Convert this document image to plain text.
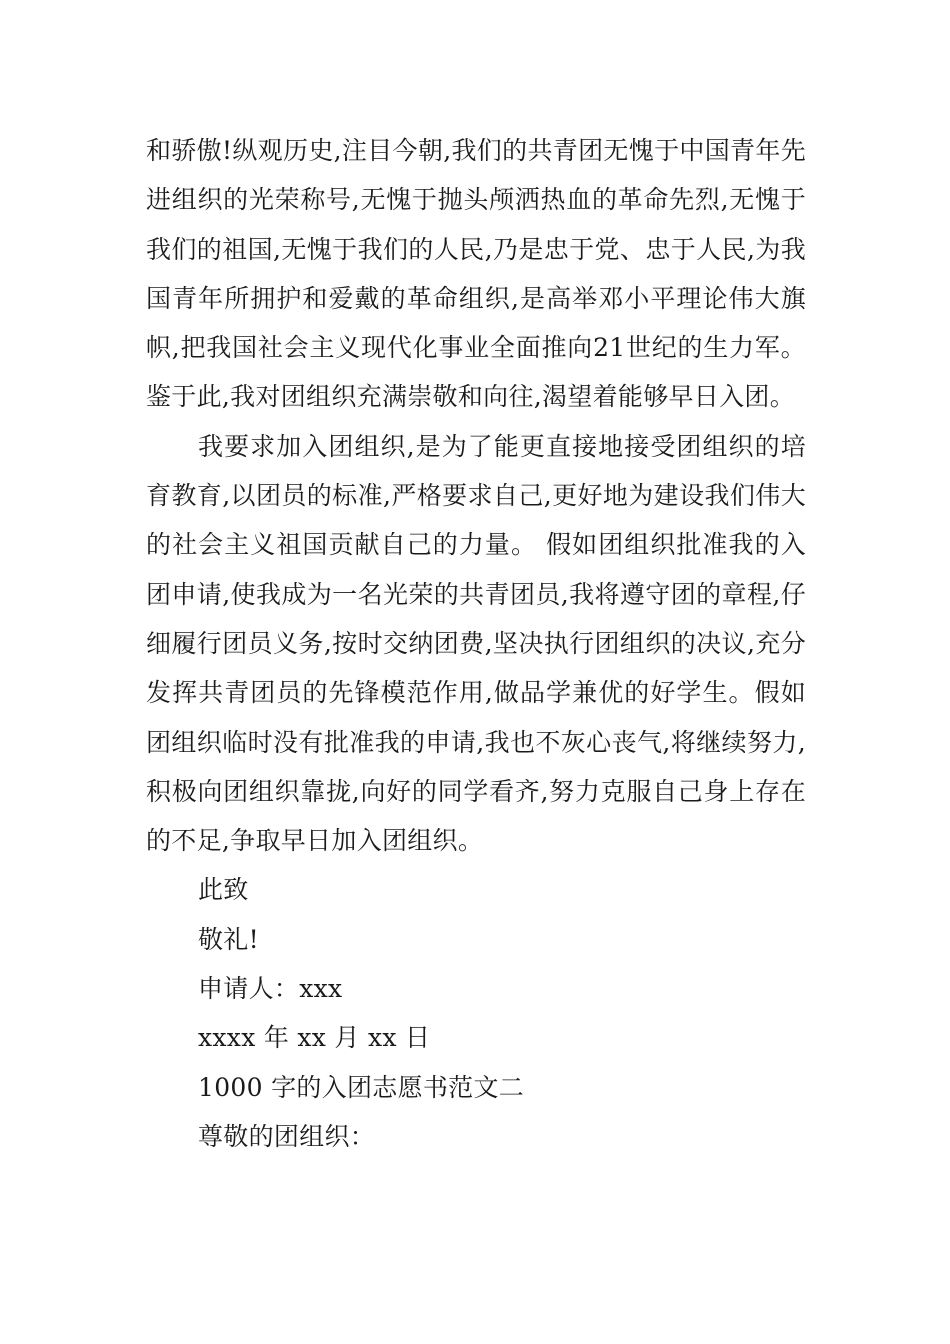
和骄傲!纵观历史,注目今朝,我们的共青团无愧于中国青年先进组织的光荣称号,无愧于抛头颅洒热血的革命先烈,无愧于我们的祖国,无愧于我们的人民,乃是忠于党、忠于人民,为我国青年所拥护和爱戴的革命组织,是高举邓小平理论伟大旗帜,把我国社会主义现代化事业全面推向21世纪的生力军。鉴于此,我对团组织充满崇敬和向往,渴望着能够早日入团。

我要求加入团组织,是为了能更直接地接受团组织的培育教育,以团员的标准,严格要求自己,更好地为建设我们伟大的社会主义祖国贡献自己的力量。 假如团组织批准我的入团申请,使我成为一名光荣的共青团员,我将遵守团的章程,仔细履行团员义务,按时交纳团费,坚决执行团组织的决议,充分发挥共青团员的先锋模范作用,做品学兼优的好学生。假如团组织临时没有批准我的申请,我也不灰心丧气,将继续努力,积极向团组织靠拢,向好的同学看齐,努力克服自己身上存在的不足,争取早日加入团组织。

此致

敬礼!

申请人：xxx

xxxx 年 xx 月 xx 日

1000 字的入团志愿书范文二

尊敬的团组织：
